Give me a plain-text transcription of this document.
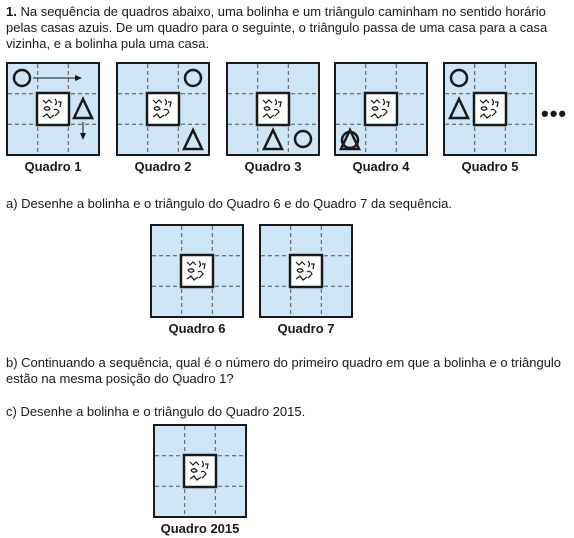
1. Na sequência de quadros abaixo, uma bolinha e um triângulo caminham no sentido horário pelas casas azuis. De um quadro para o seguinte, o triângulo passa de uma casa para a casa vizinha, e a bolinha pula uma casa.
Quadro 1	Quadro 2	Quadro 3	Quadro 4	Quadro 5
•••
a) Desenhe a bolinha e o triângulo do Quadro 6 e do Quadro 7 da sequência.
Quadro 6	Quadro 7
b) Continuando a sequência, qual é o número do primeiro quadro em que a bolinha e o triângulo estão na mesma posição do Quadro 1?
c) Desenhe a bolinha e o triângulo do Quadro 2015.
Quadro 2015
